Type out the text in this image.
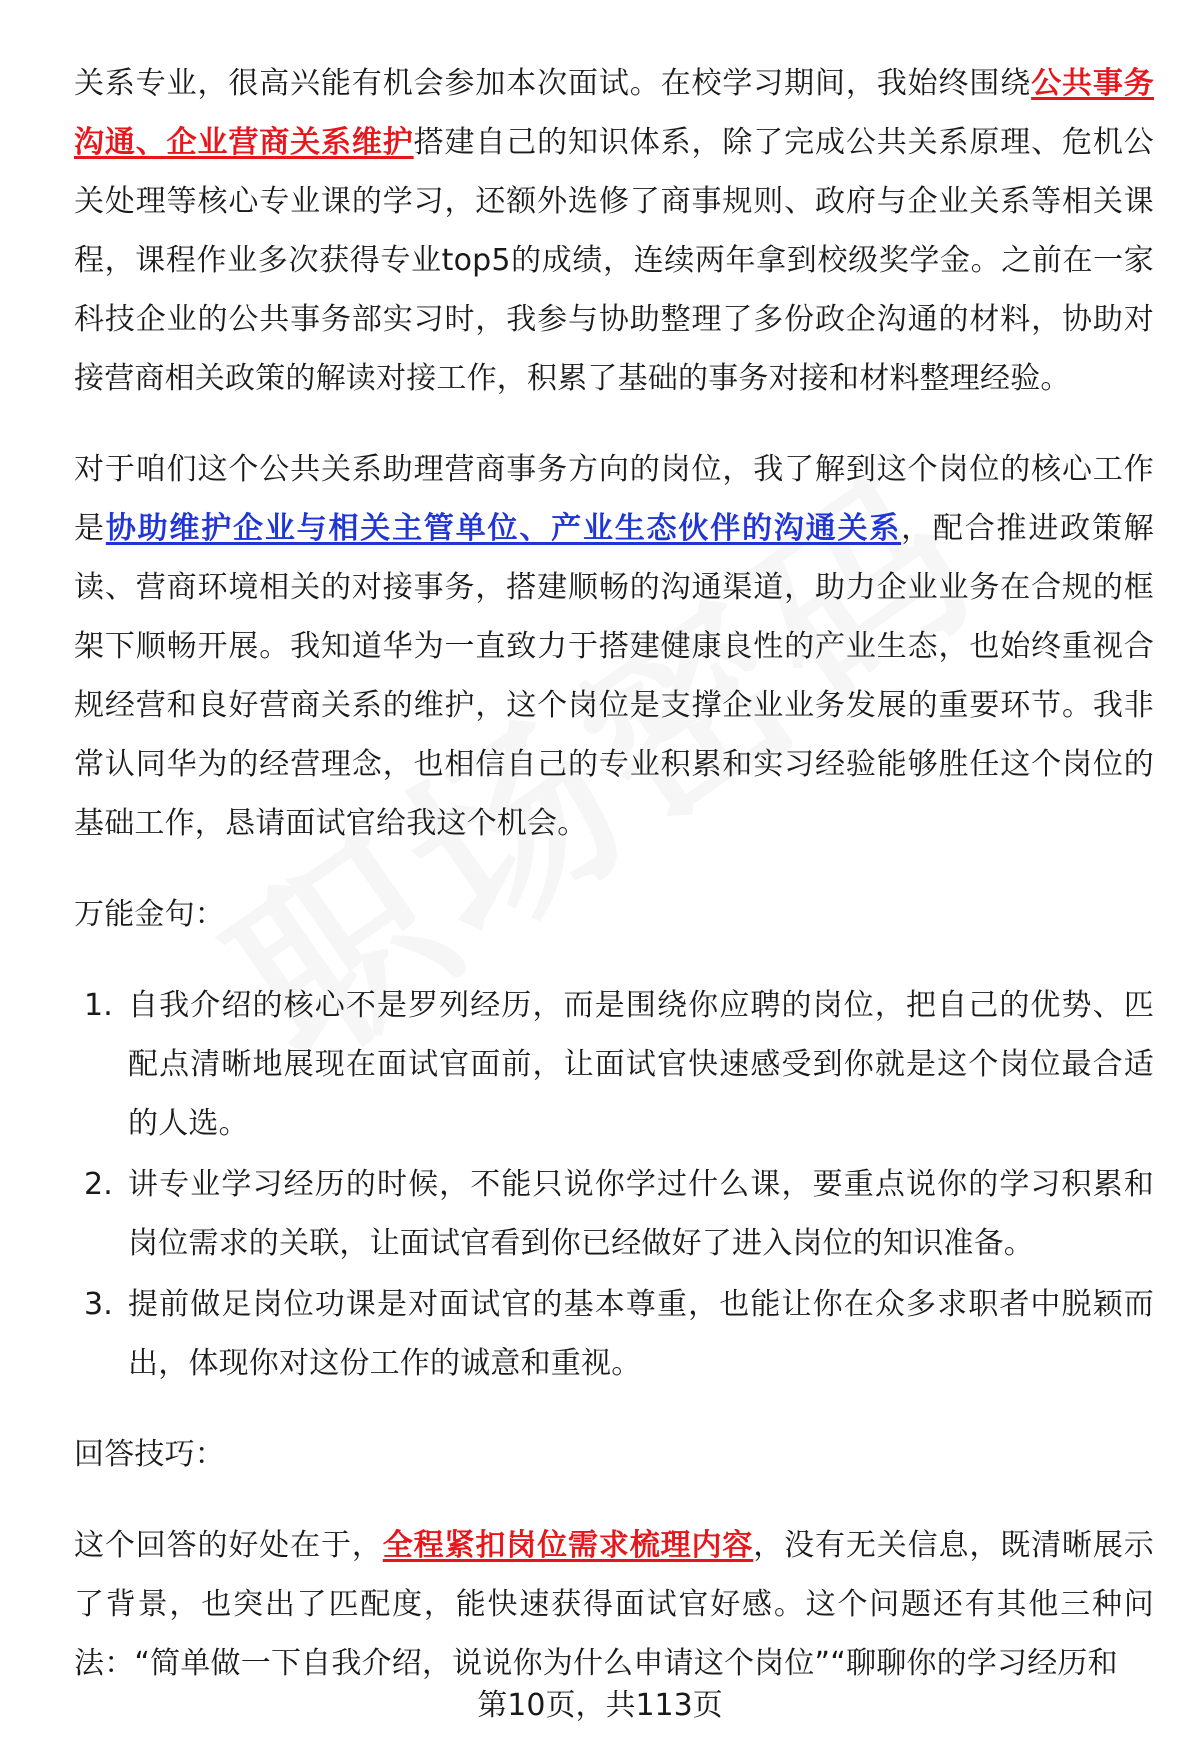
关系专业，很高兴能有机会参加本次面试。在校学习期间，我始终围绕公共事务沟通、企业营商关系维护搭建自己的知识体系，除了完成公共关系原理、危机公关处理等核心专业课的学习，还额外选修了商事规则、政府与企业关系等相关课程，课程作业多次获得专业top5的成绩，连续两年拿到校级奖学金。之前在一家科技企业的公共事务部实习时，我参与协助整理了多份政企沟通的材料，协助对接营商相关政策的解读对接工作，积累了基础的事务对接和材料整理经验。

对于咱们这个公共关系助理营商事务方向的岗位，我了解到这个岗位的核心工作是协助维护企业与相关主管单位、产业生态伙伴的沟通关系，配合推进政策解读、营商环境相关的对接事务，搭建顺畅的沟通渠道，助力企业业务在合规的框架下顺畅开展。我知道华为一直致力于搭建健康良性的产业生态，也始终重视合规经营和良好营商关系的维护，这个岗位是支撑企业业务发展的重要环节。我非常认同华为的经营理念，也相信自己的专业积累和实习经验能够胜任这个岗位的基础工作，恳请面试官给我这个机会。

万能金句：

1. 自我介绍的核心不是罗列经历，而是围绕你应聘的岗位，把自己的优势、匹配点清晰地展现在面试官面前，让面试官快速感受到你就是这个岗位最合适的人选。
2. 讲专业学习经历的时候，不能只说你学过什么课，要重点说你的学习积累和岗位需求的关联，让面试官看到你已经做好了进入岗位的知识准备。
3. 提前做足岗位功课是对面试官的基本尊重，也能让你在众多求职者中脱颖而出，体现你对这份工作的诚意和重视。

回答技巧：

这个回答的好处在于，全程紧扣岗位需求梳理内容，没有无关信息，既清晰展示了背景，也突出了匹配度，能快速获得面试官好感。这个问题还有其他三种问法：“简单做一下自我介绍，说说你为什么申请这个岗位”“聊聊你的学习经历和

第10页，共113页
